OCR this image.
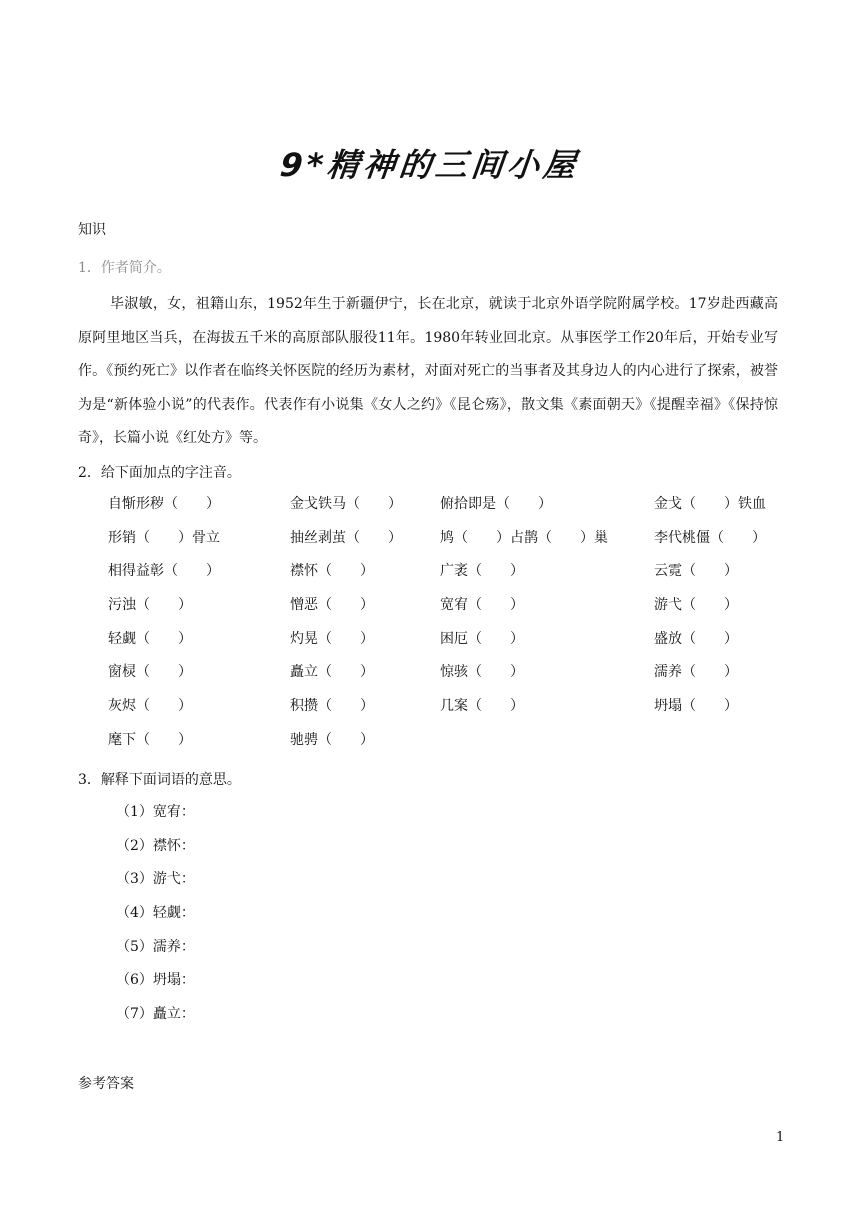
9*精神的三间小屋
知识
1．作者简介。
毕淑敏，女，祖籍山东，1952年生于新疆伊宁，长在北京，就读于北京外语学院附属学校。17岁赴西藏高原阿里地区当兵，在海拔五千米的高原部队服役11年。1980年转业回北京。从事医学工作20年后，开始专业写作。《预约死亡》以作者在临终关怀医院的经历为素材，对面对死亡的当事者及其身边人的内心进行了探索，被誉为是“新体验小说”的代表作。代表作有小说集《女人之约》《昆仑殇》，散文集《素面朝天》《提醒幸福》《保持惊奇》，长篇小说《红处方》等。
2．给下面加点的字注音。
自惭形秽（　　）	金戈铁马（　　）	俯拾即是（　　）	金戈（　　）铁血
形销（　　）骨立	抽丝剥茧（　　）	鸠（　　）占鹊（　　）巢	李代桃僵（　　）
相得益彰（　　）	襟怀（　　）	广袤（　　）	云霓（　　）
污浊（　　）	憎恶（　　）	宽宥（　　）	游弋（　　）
轻觑（　　）	灼晃（　　）	困厄（　　）	盛放（　　）
窗棂（　　）	矗立（　　）	惊骇（　　）	濡养（　　）
灰烬（　　）	积攒（　　）	几案（　　）	坍塌（　　）
麾下（　　）	驰骋（　　）
3．解释下面词语的意思。
（1）宽宥：
（2）襟怀：
（3）游弋：
（4）轻觑：
（5）濡养：
（6）坍塌：
（7）矗立：
参考答案
1
